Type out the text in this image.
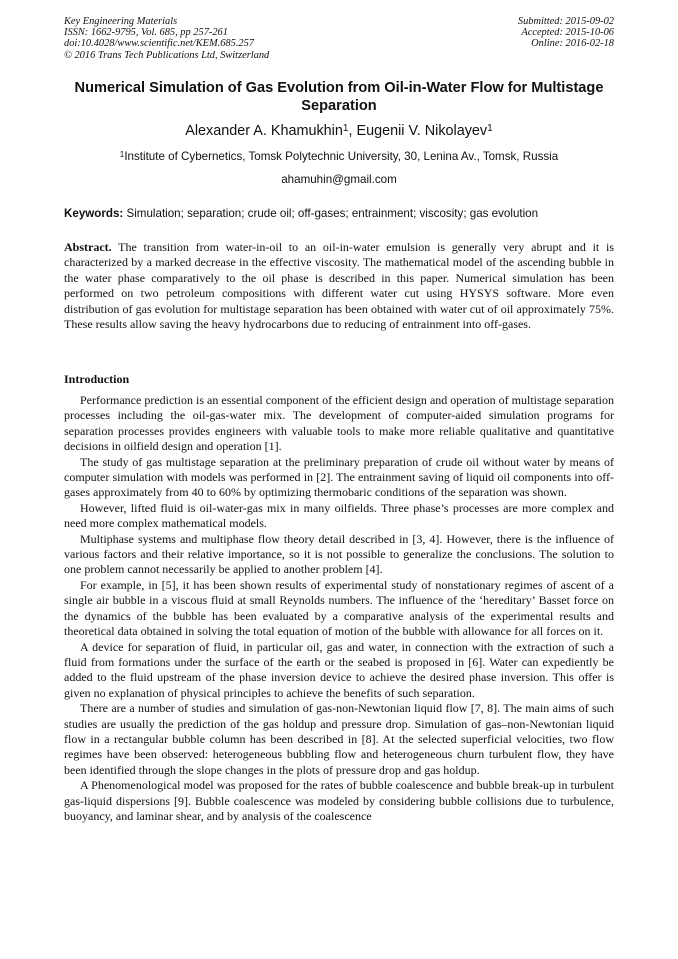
Key Engineering Materials
ISSN: 1662-9795, Vol. 685, pp 257-261
doi:10.4028/www.scientific.net/KEM.685.257
© 2016 Trans Tech Publications Ltd, Switzerland
Submitted: 2015-09-02
Accepted: 2015-10-06
Online: 2016-02-18
Numerical Simulation of Gas Evolution from Oil-in-Water Flow for Multistage Separation
Alexander A. Khamukhin$^1$, Eugenii V. Nikolayev$^1$
$^1$Institute of Cybernetics, Tomsk Polytechnic University, 30, Lenina Av., Tomsk, Russia
ahamuhin@gmail.com
Keywords: Simulation; separation; crude oil; off-gases; entrainment; viscosity; gas evolution
Abstract. The transition from water-in-oil to an oil-in-water emulsion is generally very abrupt and it is characterized by a marked decrease in the effective viscosity. The mathematical model of the ascending bubble in the water phase comparatively to the oil phase is described in this paper. Numerical simulation has been performed on two petroleum compositions with different water cut using HYSYS software. More even distribution of gas evolution for multistage separation has been obtained with water cut of oil approximately 75%. These results allow saving the heavy hydrocarbons due to reducing of entrainment into off-gases.
Introduction

Performance prediction is an essential component of the efficient design and operation of multistage separation processes including the oil-gas-water mix. The development of computer-aided simulation programs for separation processes provides engineers with valuable tools to make more reliable qualitative and quantitative decisions in oilfield design and operation [1].

The study of gas multistage separation at the preliminary preparation of crude oil without water by means of computer simulation with models was performed in [2]. The entrainment saving of liquid oil components into off-gases approximately from 40 to 60% by optimizing thermobaric conditions of the separation was shown.

However, lifted fluid is oil-water-gas mix in many oilfields. Three phase’s processes are more complex and need more complex mathematical models.

Multiphase systems and multiphase flow theory detail described in [3, 4]. However, there is the influence of various factors and their relative importance, so it is not possible to generalize the conclusions. The solution to one problem cannot necessarily be applied to another problem [4].

For example, in [5], it has been shown results of experimental study of nonstationary regimes of ascent of a single air bubble in a viscous fluid at small Reynolds numbers. The influence of the ‘hereditary’ Basset force on the dynamics of the bubble has been evaluated by a comparative analysis of the experimental results and theoretical data obtained in solving the total equation of motion of the bubble with allowance for all forces on it.

A device for separation of fluid, in particular oil, gas and water, in connection with the extraction of such a fluid from formations under the surface of the earth or the seabed is proposed in [6]. Water can expediently be added to the fluid upstream of the phase inversion device to achieve the desired phase inversion. This offer is given no explanation of physical principles to achieve the benefits of such separation.

There are a number of studies and simulation of gas-non-Newtonian liquid flow [7, 8]. The main aims of such studies are usually the prediction of the gas holdup and pressure drop. Simulation of gas–non-Newtonian liquid flow in a rectangular bubble column has been described in [8]. At the selected superficial velocities, two flow regimes have been observed: heterogeneous bubbling flow and heterogeneous churn turbulent flow, they have been identified through the slope changes in the plots of pressure drop and gas holdup.

A Phenomenological model was proposed for the rates of bubble coalescence and bubble break-up in turbulent gas-liquid dispersions [9]. Bubble coalescence was modeled by considering bubble collisions due to turbulence, buoyancy, and laminar shear, and by analysis of the coalescence
